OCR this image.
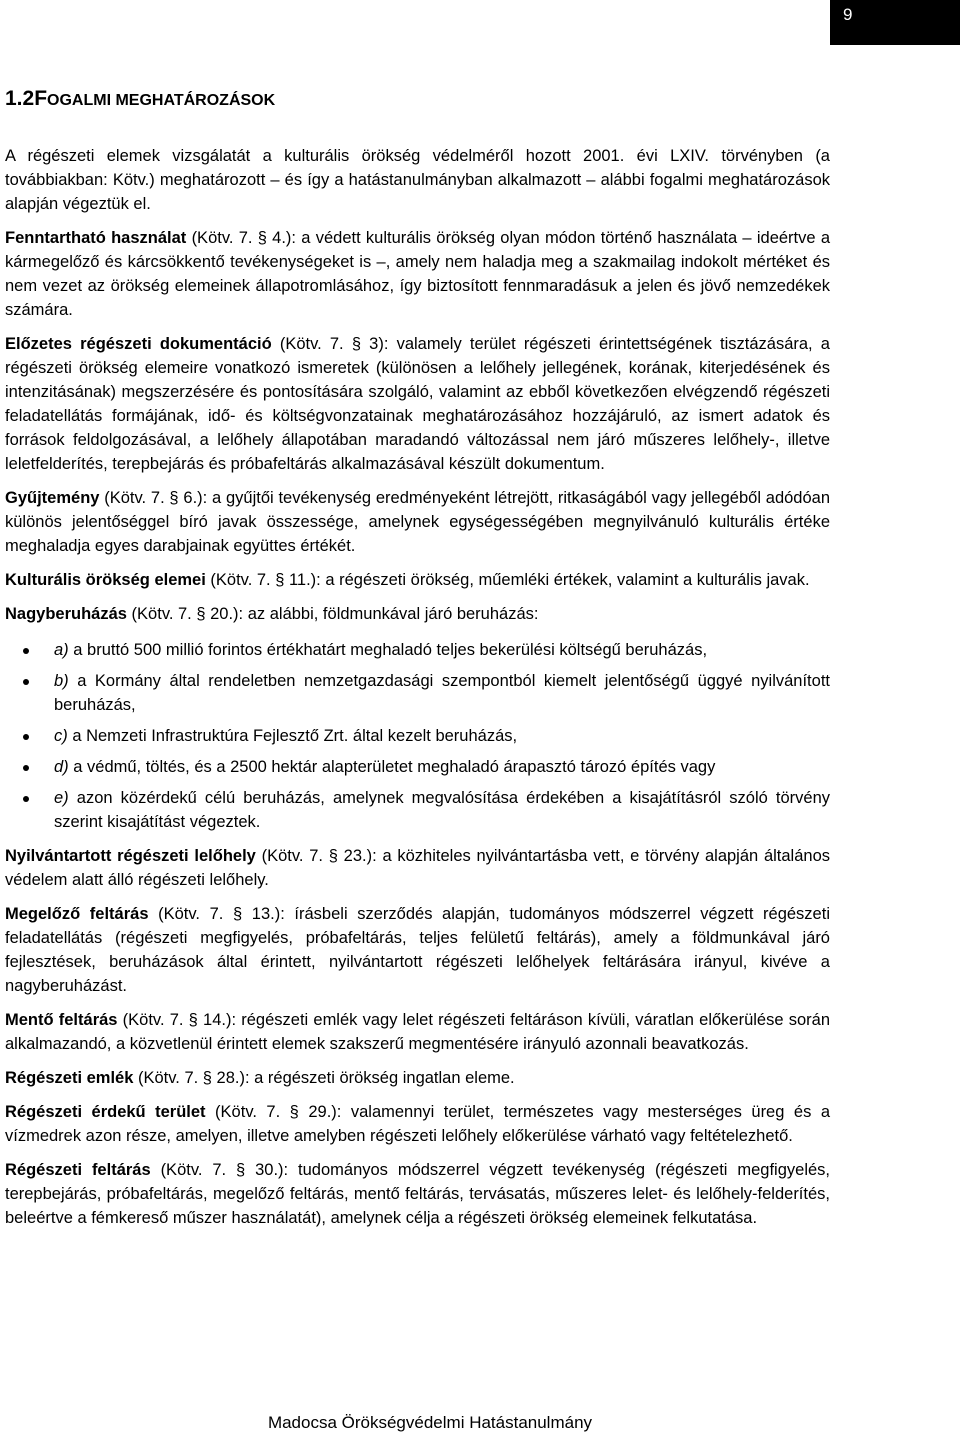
9
1.2FOGALMI MEGHATÁROZÁSOK

A régészeti elemek vizsgálatát a kulturális örökség védelméről hozott 2001. évi LXIV. törvényben (a továbbiakban: Kötv.) meghatározott – és így a hatástanulmányban alkalmazott – alábbi fogalmi meghatározások alapján végeztük el.

Fenntartható használat (Kötv. 7. § 4.): a védett kulturális örökség olyan módon történő használata – ideértve a kármegelőző és kárcsökkentő tevékenységeket is –, amely nem haladja meg a szakmailag indokolt mértéket és nem vezet az örökség elemeinek állapotromlásához, így biztosított fennmaradásuk a jelen és jövő nemzedékek számára.

Előzetes régészeti dokumentáció (Kötv. 7. § 3): valamely terület régészeti érintettségének tisztázására, a régészeti örökség elemeire vonatkozó ismeretek (különösen a lelőhely jellegének, korának, kiterjedésének és intenzitásának) megszerzésére és pontosítására szolgáló, valamint az ebből következően elvégzendő régészeti feladatellátás formájának, idő- és költségvonzatainak meghatározásához hozzájáruló, az ismert adatok és források feldolgozásával, a lelőhely állapotában maradandó változással nem járó műszeres lelőhely-, illetve leletfelderítés, terepbejárás és próbafeltárás alkalmazásával készült dokumentum.

Gyűjtemény (Kötv. 7. § 6.): a gyűjtői tevékenység eredményeként létrejött, ritkaságából vagy jellegéből adódóan különös jelentőséggel bíró javak összessége, amelynek egységességében megnyilvánuló kulturális értéke meghaladja egyes darabjainak együttes értékét.

Kulturális örökség elemei (Kötv. 7. § 11.): a régészeti örökség, műemléki értékek, valamint a kulturális javak.

Nagyberuházás (Kötv. 7. § 20.): az alábbi, földmunkával járó beruházás:

a) a bruttó 500 millió forintos értékhatárt meghaladó teljes bekerülési költségű beruházás,
b) a Kormány által rendeletben nemzetgazdasági szempontból kiemelt jelentőségű üggyé nyilvánított beruházás,
c) a Nemzeti Infrastruktúra Fejlesztő Zrt. által kezelt beruházás,
d) a védmű, töltés, és a 2500 hektár alapterületet meghaladó árapasztó tározó építés vagy
e) azon közérdekű célú beruházás, amelynek megvalósítása érdekében a kisajátításról szóló törvény szerint kisajátítást végeztek.

Nyilvántartott régészeti lelőhely (Kötv. 7. § 23.): a közhiteles nyilvántartásba vett, e törvény alapján általános védelem alatt álló régészeti lelőhely.

Megelőző feltárás (Kötv. 7. § 13.): írásbeli szerződés alapján, tudományos módszerrel végzett régészeti feladatellátás (régészeti megfigyelés, próbafeltárás, teljes felületű feltárás), amely a földmunkával járó fejlesztések, beruházások által érintett, nyilvántartott régészeti lelőhelyek feltárására irányul, kivéve a nagyberuházást.

Mentő feltárás (Kötv. 7. § 14.): régészeti emlék vagy lelet régészeti feltáráson kívüli, váratlan előkerülése során alkalmazandó, a közvetlenül érintett elemek szakszerű megmentésére irányuló azonnali beavatkozás.

Régészeti emlék (Kötv. 7. § 28.): a régészeti örökség ingatlan eleme.

Régészeti érdekű terület (Kötv. 7. § 29.): valamennyi terület, természetes vagy mesterséges üreg és a vízmedrek azon része, amelyen, illetve amelyben régészeti lelőhely előkerülése várható vagy feltételezhető.

Régészeti feltárás (Kötv. 7. § 30.): tudományos módszerrel végzett tevékenység (régészeti megfigyelés, terepbejárás, próbafeltárás, megelőző feltárás, mentő feltárás, tervásatás, műszeres lelet- és lelőhely-felderítés, beleértve a fémkereső műszer használatát), amelynek célja a régészeti örökség elemeinek felkutatása.

Madocsa Örökségvédelmi Hatástanulmány
